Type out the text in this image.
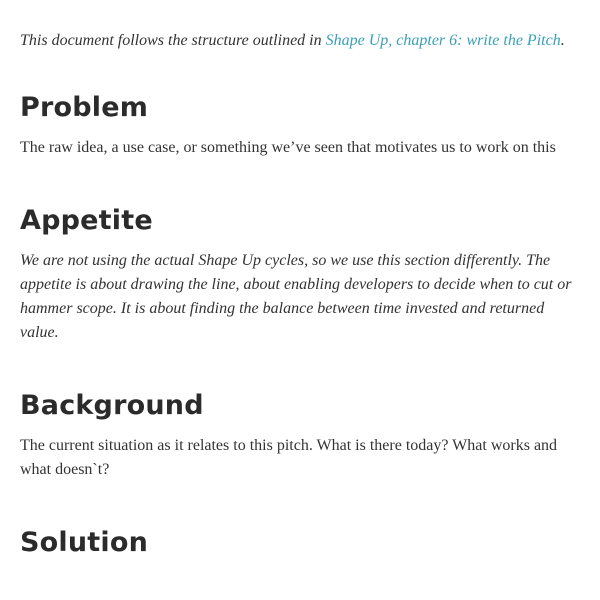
This document follows the structure outlined in Shape Up, chapter 6: write the Pitch.

Problem

The raw idea, a use case, or something we’ve seen that motivates us to work on this

Appetite

We are not using the actual Shape Up cycles, so we use this section differently. The appetite is about drawing the line, about enabling developers to decide when to cut or hammer scope. It is about finding the balance between time invested and returned value.

Background

The current situation as it relates to this pitch. What is there today? What works and what doesn`t?

Solution
